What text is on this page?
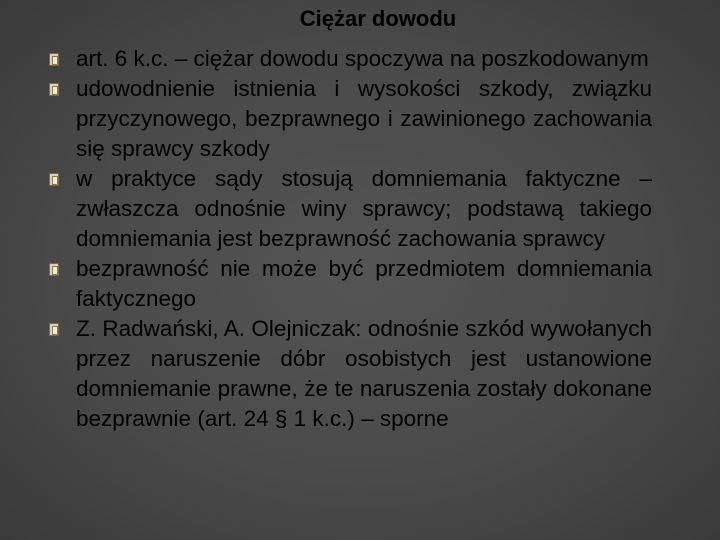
Ciężar dowodu
art. 6 k.c. – ciężar dowodu spoczywa na poszkodowanym
udowodnienie istnienia i wysokości szkody, związku przyczynowego, bezprawnego i zawinionego zachowania się sprawcy szkody
w praktyce sądy stosują domniemania faktyczne – zwłaszcza odnośnie winy sprawcy; podstawą takiego domniemania jest bezprawność zachowania sprawcy
bezprawność nie może być przedmiotem domniemania faktycznego
Z. Radwański, A. Olejniczak: odnośnie szkód wywołanych przez naruszenie dóbr osobistych jest ustanowione domniemanie prawne, że te naruszenia zostały dokonane bezprawnie (art. 24 § 1 k.c.) – sporne
